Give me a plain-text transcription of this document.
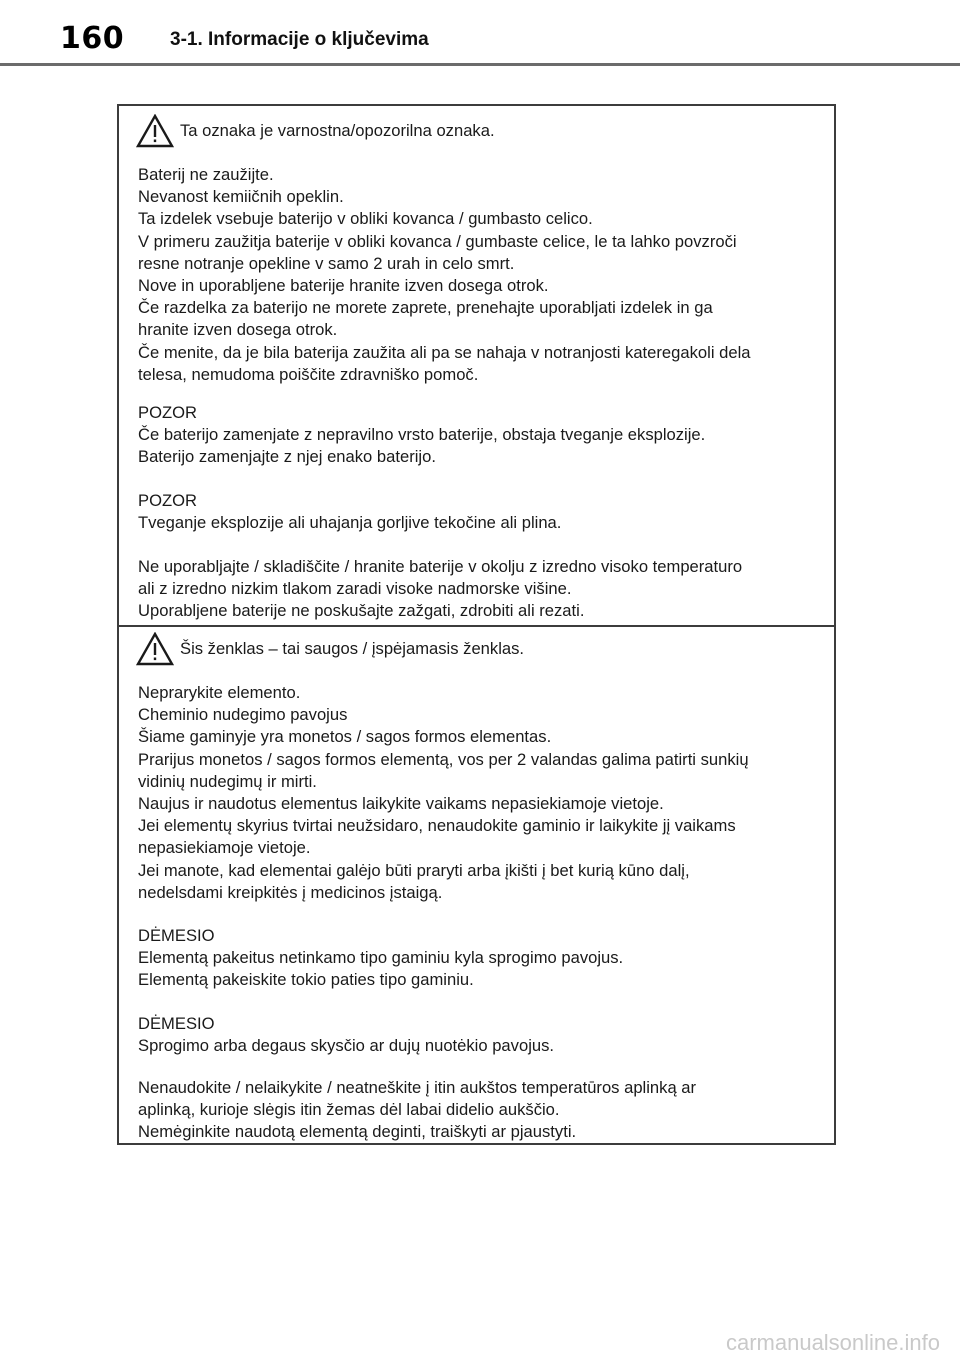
160 3-1. Informacije o ključevima
Ta oznaka je varnostna/opozorilna oznaka.
Baterij ne zaužijte.
Nevanost kemiičnih opeklin.
Ta izdelek vsebuje baterijo v obliki kovanca / gumbasto celico.
V primeru zaužitja baterije v obliki kovanca / gumbaste celice, le ta lahko povzroči
resne notranje opekline v samo 2 urah in celo smrt.
Nove in uporabljene baterije hranite izven dosega otrok.
Če razdelka za baterijo ne morete zaprete, prenehajte uporabljati izdelek in ga
hranite izven dosega otrok.
Če menite, da je bila baterija zaužita ali pa se nahaja v notranjosti kateregakoli dela
telesa, nemudoma poiščite zdravniško pomoč.
POZOR
Če baterijo zamenjate z nepravilno vrsto baterije, obstaja tveganje eksplozije.
Baterijo zamenjajte z njej enako baterijo.
POZOR
Tveganje eksplozije ali uhajanja gorljive tekočine ali plina.
Ne uporabljajte / skladiščite / hranite baterije v okolju z izredno visoko temperaturo
ali z izredno nizkim tlakom zaradi visoke nadmorske višine.
Uporabljene baterije ne poskušajte zažgati, zdrobiti ali rezati.
Šis ženklas – tai saugos / įspėjamasis ženklas.
Neprarykite elemento.
Cheminio nudegimo pavojus
Šiame gaminyje yra monetos / sagos formos elementas.
Prarijus monetos / sagos formos elementą, vos per 2 valandas galima patirti sunkių
vidinių nudegimų ir mirti.
Naujus ir naudotus elementus laikykite vaikams nepasiekiamoje vietoje.
Jei elementų skyrius tvirtai neužsidaro, nenaudokite gaminio ir laikykite jį vaikams
nepasiekiamoje vietoje.
Jei manote, kad elementai galėjo būti praryti arba įkišti į bet kurią kūno dalį,
nedelsdami kreipkitės į medicinos įstaigą.
DĖMESIO
Elementą pakeitus netinkamo tipo gaminiu kyla sprogimo pavojus.
Elementą pakeiskite tokio paties tipo gaminiu.
DĖMESIO
Sprogimo arba degaus skysčio ar dujų nuotėkio pavojus.
Nenaudokite / nelaikykite / neatneškite į itin aukštos temperatūros aplinką ar
aplinką, kurioje slėgis itin žemas dėl labai didelio aukščio.
Nemėginkite naudotą elementą deginti, traiškyti ar pjaustyti.
carmanualsonline.info
